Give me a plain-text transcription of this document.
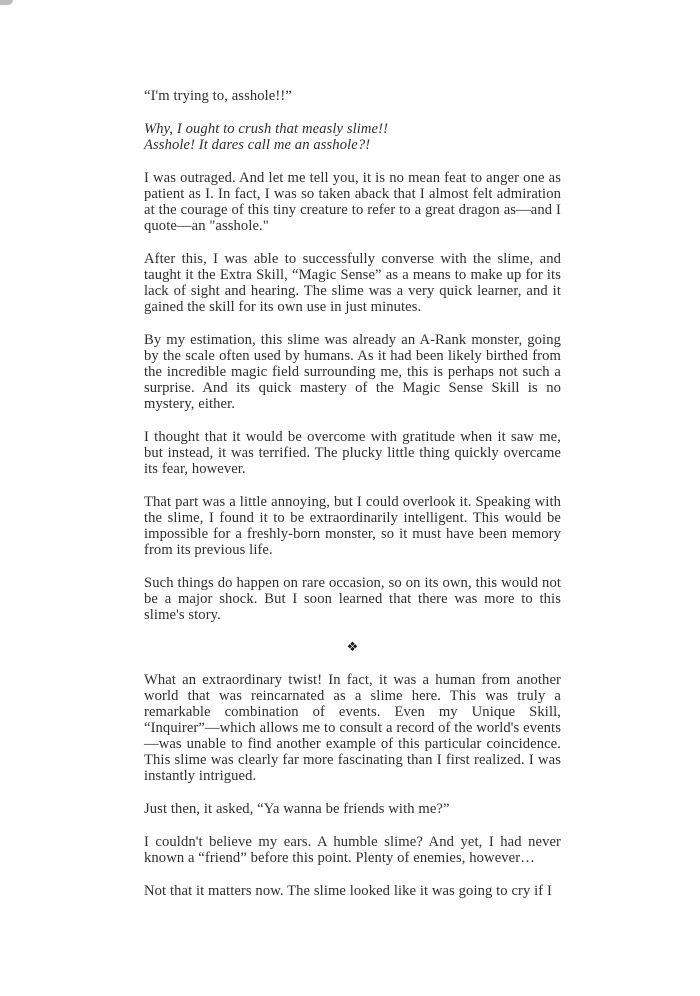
“I'm trying to, asshole!!”

Why, I ought to crush that measly slime!!
Asshole! It dares call me an asshole?!

I was outraged. And let me tell you, it is no mean feat to anger one as patient as I. In fact, I was so taken aback that I almost felt admiration at the courage of this tiny creature to refer to a great dragon as—and I quote—an "asshole."

After this, I was able to successfully converse with the slime, and taught it the Extra Skill, “Magic Sense” as a means to make up for its lack of sight and hearing. The slime was a very quick learner, and it gained the skill for its own use in just minutes.

By my estimation, this slime was already an A-Rank monster, going by the scale often used by humans. As it had been likely birthed from the incredible magic field surrounding me, this is perhaps not such a surprise. And its quick mastery of the Magic Sense Skill is no mystery, either.

I thought that it would be overcome with gratitude when it saw me, but instead, it was terrified. The plucky little thing quickly overcame its fear, however.

That part was a little annoying, but I could overlook it. Speaking with the slime, I found it to be extraordinarily intelligent. This would be impossible for a freshly-born monster, so it must have been memory from its previous life.

Such things do happen on rare occasion, so on its own, this would not be a major shock. But I soon learned that there was more to this slime's story.

❖

What an extraordinary twist! In fact, it was a human from another world that was reincarnated as a slime here. This was truly a remarkable combination of events. Even my Unique Skill, “Inquirer”—which allows me to consult a record of the world's events—was unable to find another example of this particular coincidence. This slime was clearly far more fascinating than I first realized. I was instantly intrigued.

Just then, it asked, “Ya wanna be friends with me?”

I couldn't believe my ears. A humble slime? And yet, I had never known a “friend” before this point. Plenty of enemies, however…

Not that it matters now. The slime looked like it was going to cry if I
